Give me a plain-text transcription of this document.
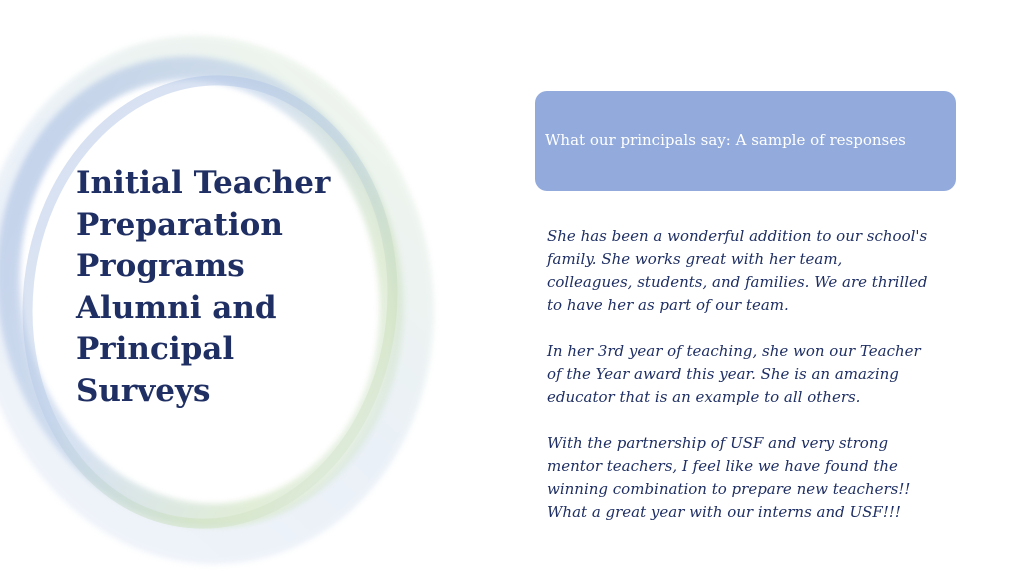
Initial Teacher
Preparation
Programs
Alumni and
Principal
Surveys
What our principals say: A sample of responses

She has been a wonderful addition to our school's
family. She works great with her team,
colleagues, students, and families. We are thrilled
to have her as part of our team.

In her 3rd year of teaching, she won our Teacher
of the Year award this year. She is an amazing
educator that is an example to all others.

With the partnership of USF and very strong
mentor teachers, I feel like we have found the
winning combination to prepare new teachers!!
What a great year with our interns and USF!!!
